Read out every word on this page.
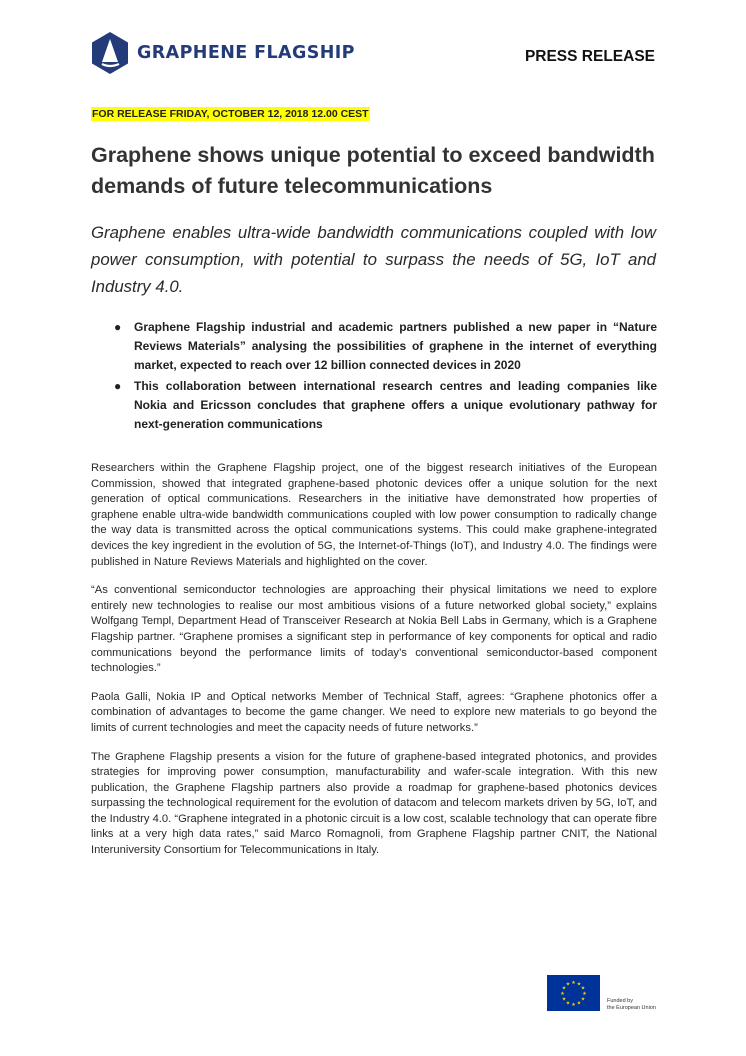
GRAPHENE FLAGSHIP	PRESS RELEASE
FOR RELEASE FRIDAY, OCTOBER 12, 2018 12.00 CEST
Graphene shows unique potential to exceed bandwidth demands of future telecommunications

Graphene enables ultra-wide bandwidth communications coupled with low power consumption, with potential to surpass the needs of 5G, IoT and Industry 4.0.

● Graphene Flagship industrial and academic partners published a new paper in “Nature Reviews Materials” analysing the possibilities of graphene in the internet of everything market, expected to reach over 12 billion connected devices in 2020
● This collaboration between international research centres and leading companies like Nokia and Ericsson concludes that graphene offers a unique evolutionary pathway for next-generation communications

Researchers within the Graphene Flagship project, one of the biggest research initiatives of the European Commission, showed that integrated graphene-based photonic devices offer a unique solution for the next generation of optical communications. Researchers in the initiative have demonstrated how properties of graphene enable ultra-wide bandwidth communications coupled with low power consumption to radically change the way data is transmitted across the optical communications systems. This could make graphene-integrated devices the key ingredient in the evolution of 5G, the Internet-of-Things (IoT), and Industry 4.0. The findings were published in Nature Reviews Materials and highlighted on the cover.

“As conventional semiconductor technologies are approaching their physical limitations we need to explore entirely new technologies to realise our most ambitious visions of a future networked global society,” explains Wolfgang Templ, Department Head of Transceiver Research at Nokia Bell Labs in Germany, which is a Graphene Flagship partner. “Graphene promises a significant step in performance of key components for optical and radio communications beyond the performance limits of today’s conventional semiconductor-based component technologies.”

Paola Galli, Nokia IP and Optical networks Member of Technical Staff, agrees: “Graphene photonics offer a combination of advantages to become the game changer. We need to explore new materials to go beyond the limits of current technologies and meet the capacity needs of future networks.”

The Graphene Flagship presents a vision for the future of graphene-based integrated photonics, and provides strategies for improving power consumption, manufacturability and wafer-scale integration. With this new publication, the Graphene Flagship partners also provide a roadmap for graphene-based photonics devices surpassing the technological requirement for the evolution of datacom and telecom markets driven by 5G, IoT, and the Industry 4.0. “Graphene integrated in a photonic circuit is a low cost, scalable technology that can operate fibre links at a very high data rates,” said Marco Romagnoli, from Graphene Flagship partner CNIT, the National Interuniversity Consortium for Telecommunications in Italy.

★ ★
★
★
★
★
★
★
★
★
★
★
Funded by
the European Union
